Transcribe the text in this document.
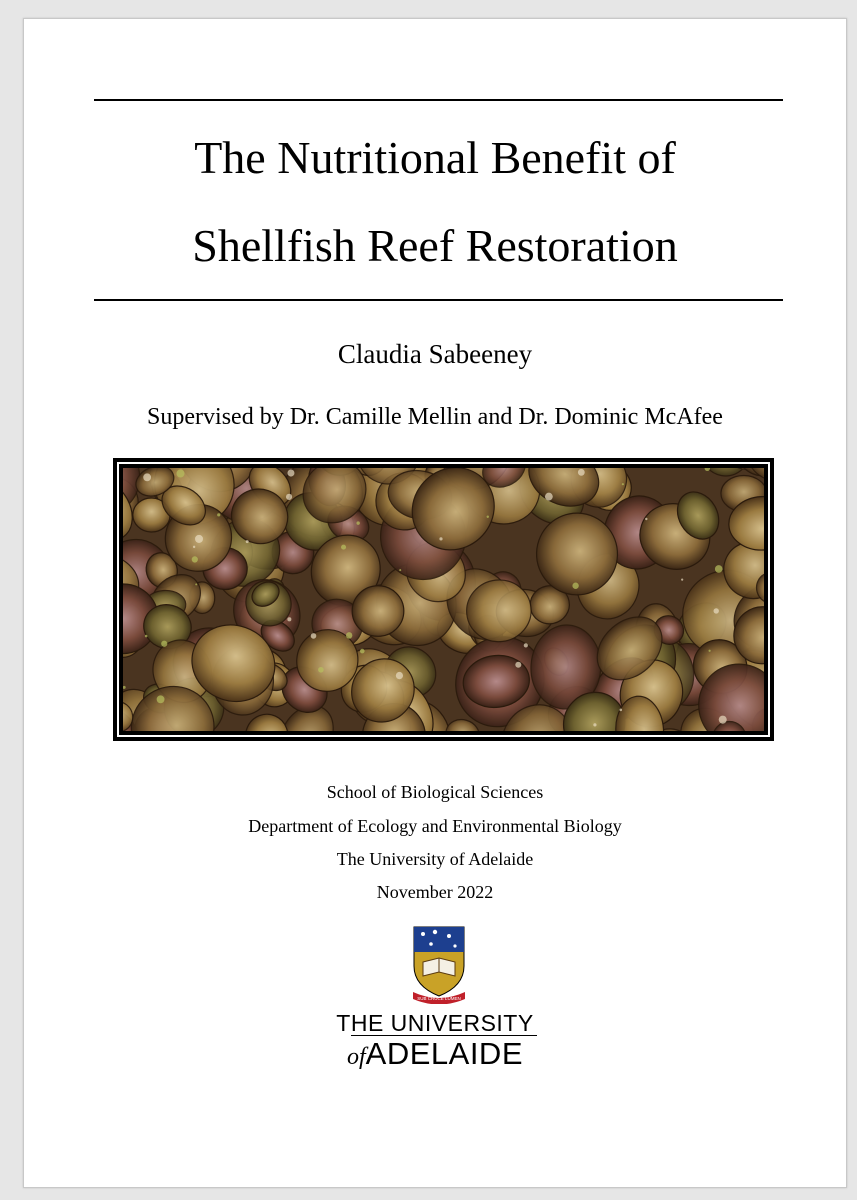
The Nutritional Benefit of
Shellfish Reef Restoration
Claudia Sabeeney
Supervised by Dr. Camille Mellin and Dr. Dominic McAfee
School of Biological Sciences
Department of Ecology and Environmental Biology
The University of Adelaide
November 2022
SUB CRUCE LUMEN
THE UNIVERSITY
ofADELAIDE
